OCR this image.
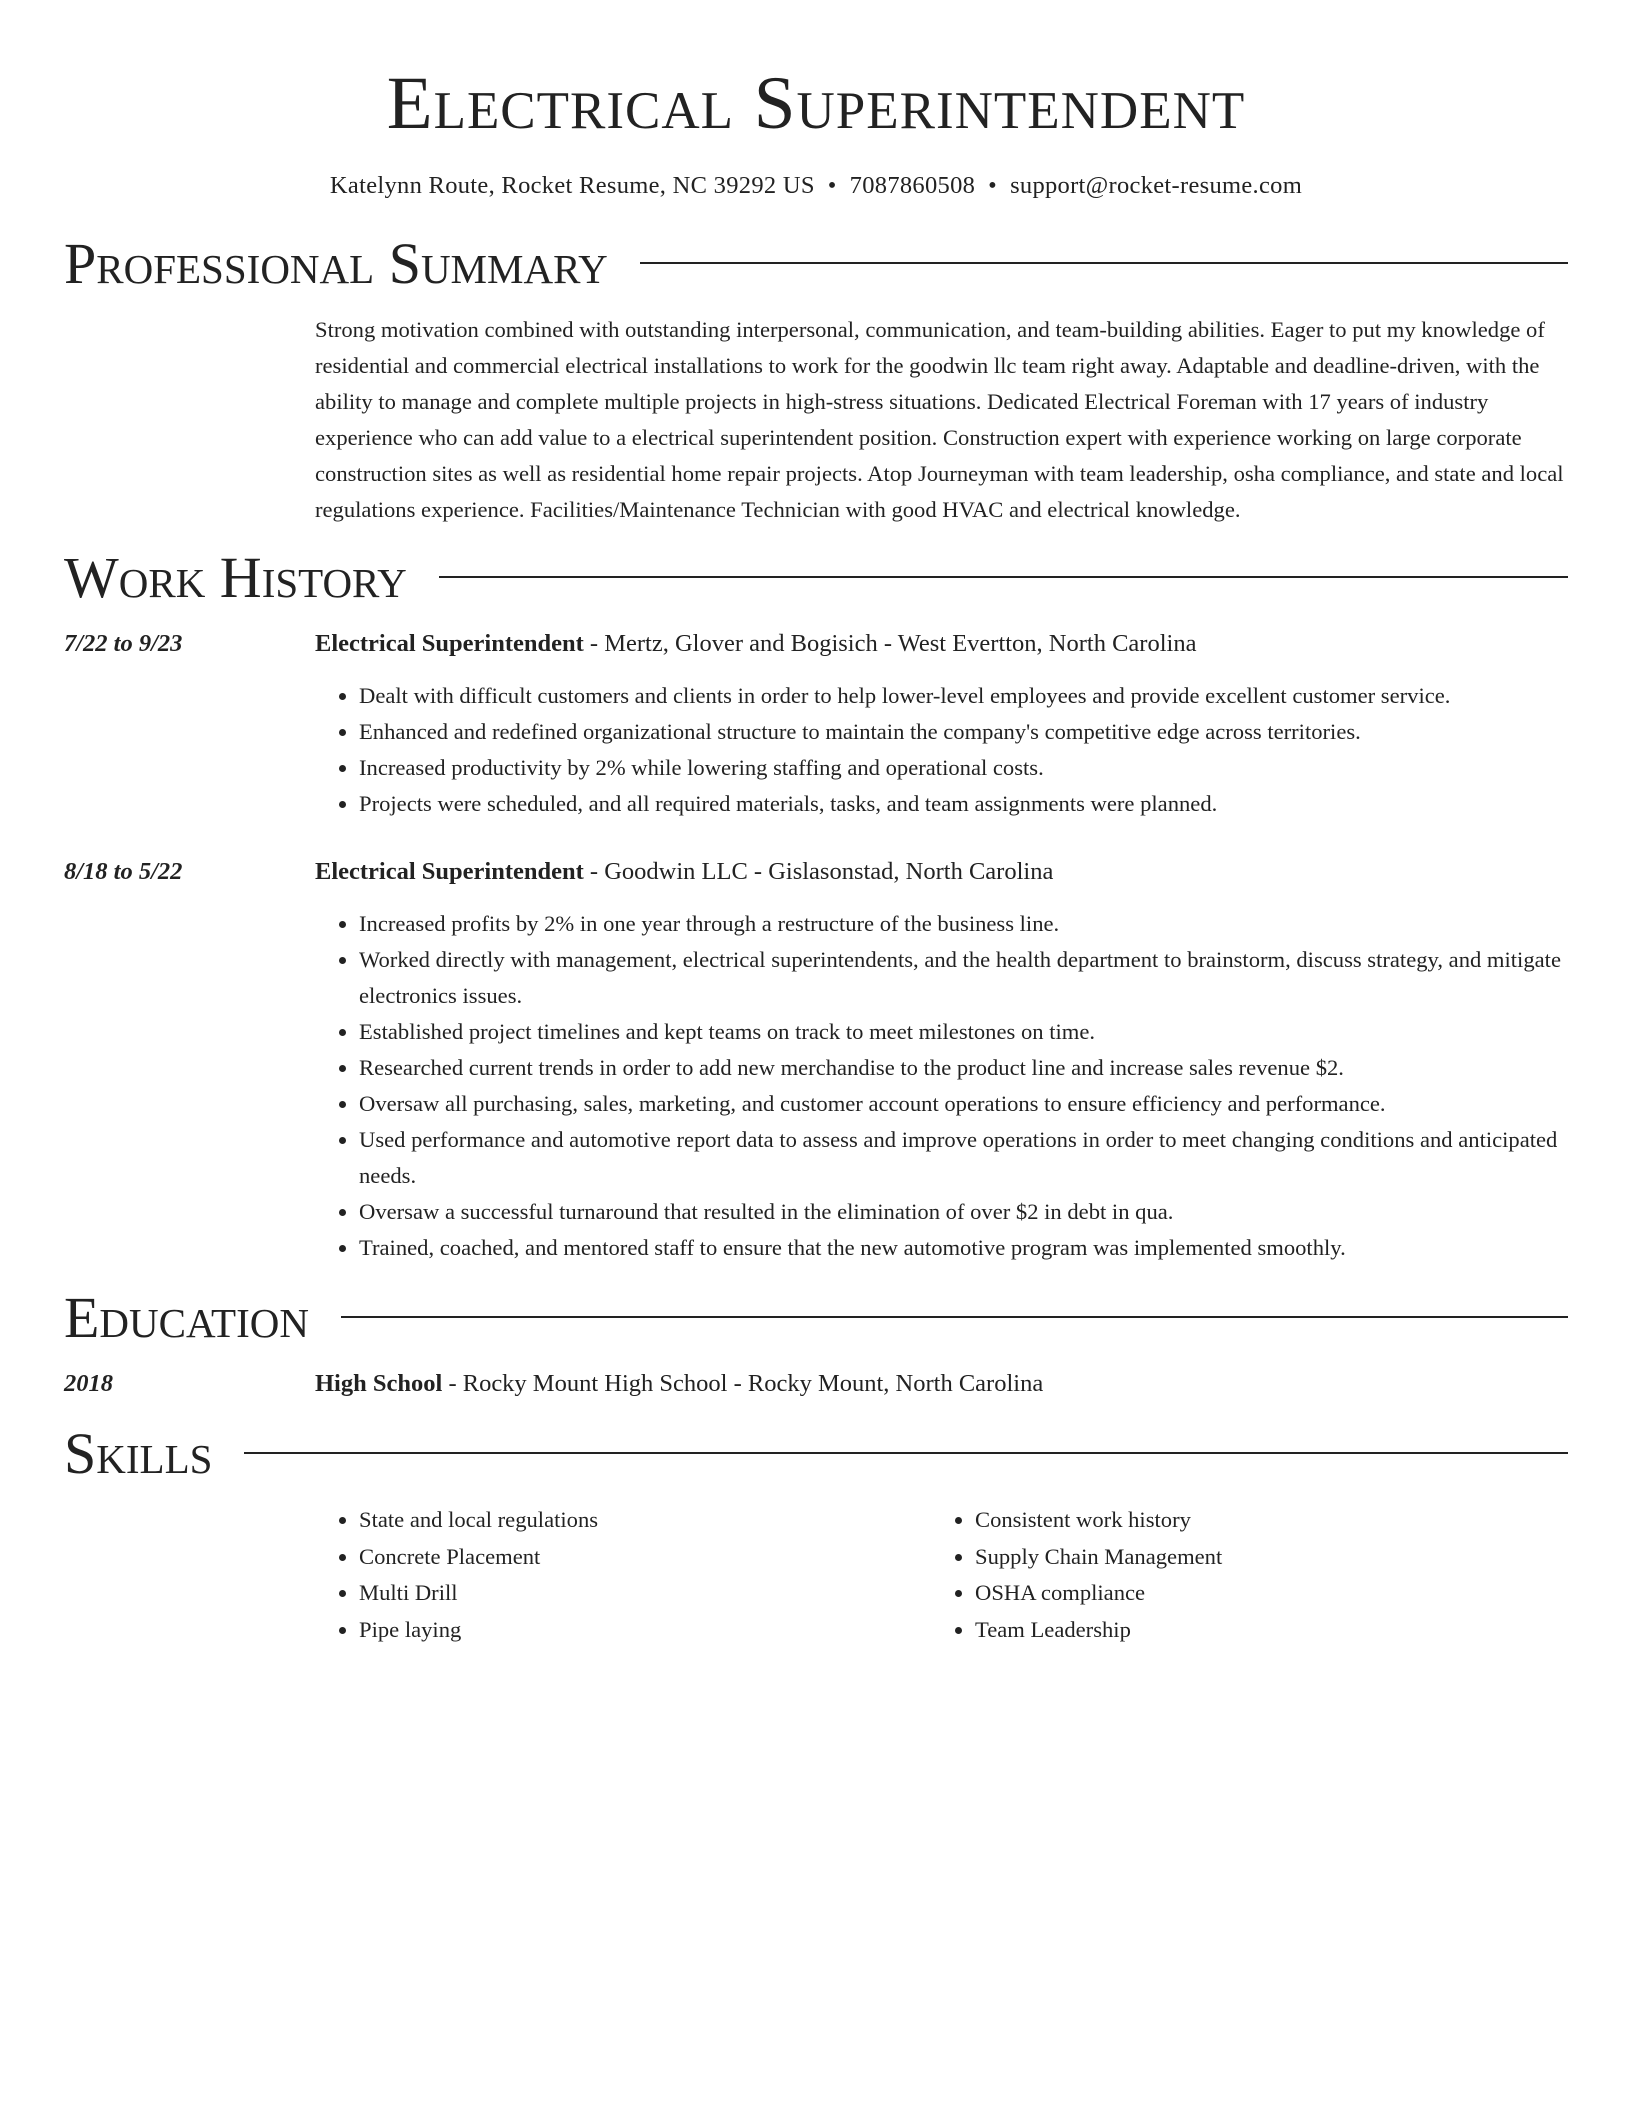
Electrical Superintendent
Katelynn Route, Rocket Resume, NC 39292 US • 7087860508 • support@rocket-resume.com
Professional Summary
Strong motivation combined with outstanding interpersonal, communication, and team-building abilities. Eager to put my knowledge of residential and commercial electrical installations to work for the goodwin llc team right away. Adaptable and deadline-driven, with the ability to manage and complete multiple projects in high-stress situations. Dedicated Electrical Foreman with 17 years of industry experience who can add value to a electrical superintendent position. Construction expert with experience working on large corporate construction sites as well as residential home repair projects. Atop Journeyman with team leadership, osha compliance, and state and local regulations experience. Facilities/Maintenance Technician with good HVAC and electrical knowledge.
Work History
7/22 to 9/23	Electrical Superintendent - Mertz, Glover and Bogisich - West Evertton, North Carolina
• Dealt with difficult customers and clients in order to help lower-level employees and provide excellent customer service.
• Enhanced and redefined organizational structure to maintain the company's competitive edge across territories.
• Increased productivity by 2% while lowering staffing and operational costs.
• Projects were scheduled, and all required materials, tasks, and team assignments were planned.
8/18 to 5/22	Electrical Superintendent - Goodwin LLC - Gislasonstad, North Carolina
• Increased profits by 2% in one year through a restructure of the business line.
• Worked directly with management, electrical superintendents, and the health department to brainstorm, discuss strategy, and mitigate electronics issues.
• Established project timelines and kept teams on track to meet milestones on time.
• Researched current trends in order to add new merchandise to the product line and increase sales revenue $2.
• Oversaw all purchasing, sales, marketing, and customer account operations to ensure efficiency and performance.
• Used performance and automotive report data to assess and improve operations in order to meet changing conditions and anticipated needs.
• Oversaw a successful turnaround that resulted in the elimination of over $2 in debt in qua.
• Trained, coached, and mentored staff to ensure that the new automotive program was implemented smoothly.
Education
2018	High School - Rocky Mount High School - Rocky Mount, North Carolina
Skills
• State and local regulations
• Concrete Placement
• Multi Drill
• Pipe laying
• Consistent work history
• Supply Chain Management
• OSHA compliance
• Team Leadership
